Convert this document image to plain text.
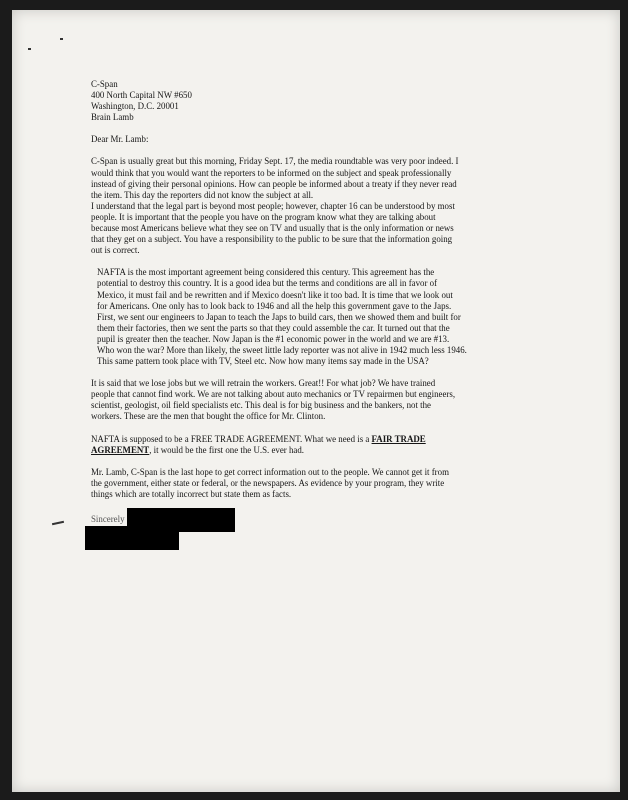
C-Span
400 North Capital NW #650
Washington, D.C. 20001
Brain Lamb
Dear Mr. Lamb:
C-Span is usually great but this morning, Friday Sept. 17, the media roundtable was very poor indeed. I
would think that you would want the reporters to be informed on the subject and speak professionally
instead of giving their personal opinions. How can people be informed about a treaty if they never read
the item. This day the reporters did not know the subject at all.
I understand that the legal part is beyond most people; however, chapter 16 can be understood by most
people. It is important that the people you have on the program know what they are talking about
because most Americans believe what they see on TV and usually that is the only information or news
that they get on a subject. You have a responsibility to the public to be sure that the information going
out is correct.
NAFTA is the most important agreement being considered this century. This agreement has the
potential to destroy this country. It is a good idea but the terms and conditions are all in favor of
Mexico, it must fail and be rewritten and if Mexico doesn't like it too bad. It is time that we look out
for Americans. One only has to look back to 1946 and all the help this government gave to the Japs.
First, we sent our engineers to Japan to teach the Japs to build cars, then we showed them and built for
them their factories, then we sent the parts so that they could assemble the car. It turned out that the
pupil is greater then the teacher. Now Japan is the #1 economic power in the world and we are #13.
Who won the war? More than likely, the sweet little lady reporter was not alive in 1942 much less 1946.
This same pattern took place with TV, Steel etc. Now how many items say made in the USA?
It is said that we lose jobs but we will retrain the workers. Great!! For what job? We have trained
people that cannot find work. We are not talking about auto mechanics or TV repairmen but engineers,
scientist, geologist, oil field specialists etc. This deal is for big business and the bankers, not the
workers. These are the men that bought the office for Mr. Clinton.
NAFTA is supposed to be a FREE TRADE AGREEMENT. What we need is a FAIR TRADE
AGREEMENT, it would be the first one the U.S. ever had.
Mr. Lamb, C-Span is the last hope to get correct information out to the people. We cannot get it from
the government, either state or federal, or the newspapers. As evidence by your program, they write
things which are totally incorrect but state them as facts.
Sincerely
